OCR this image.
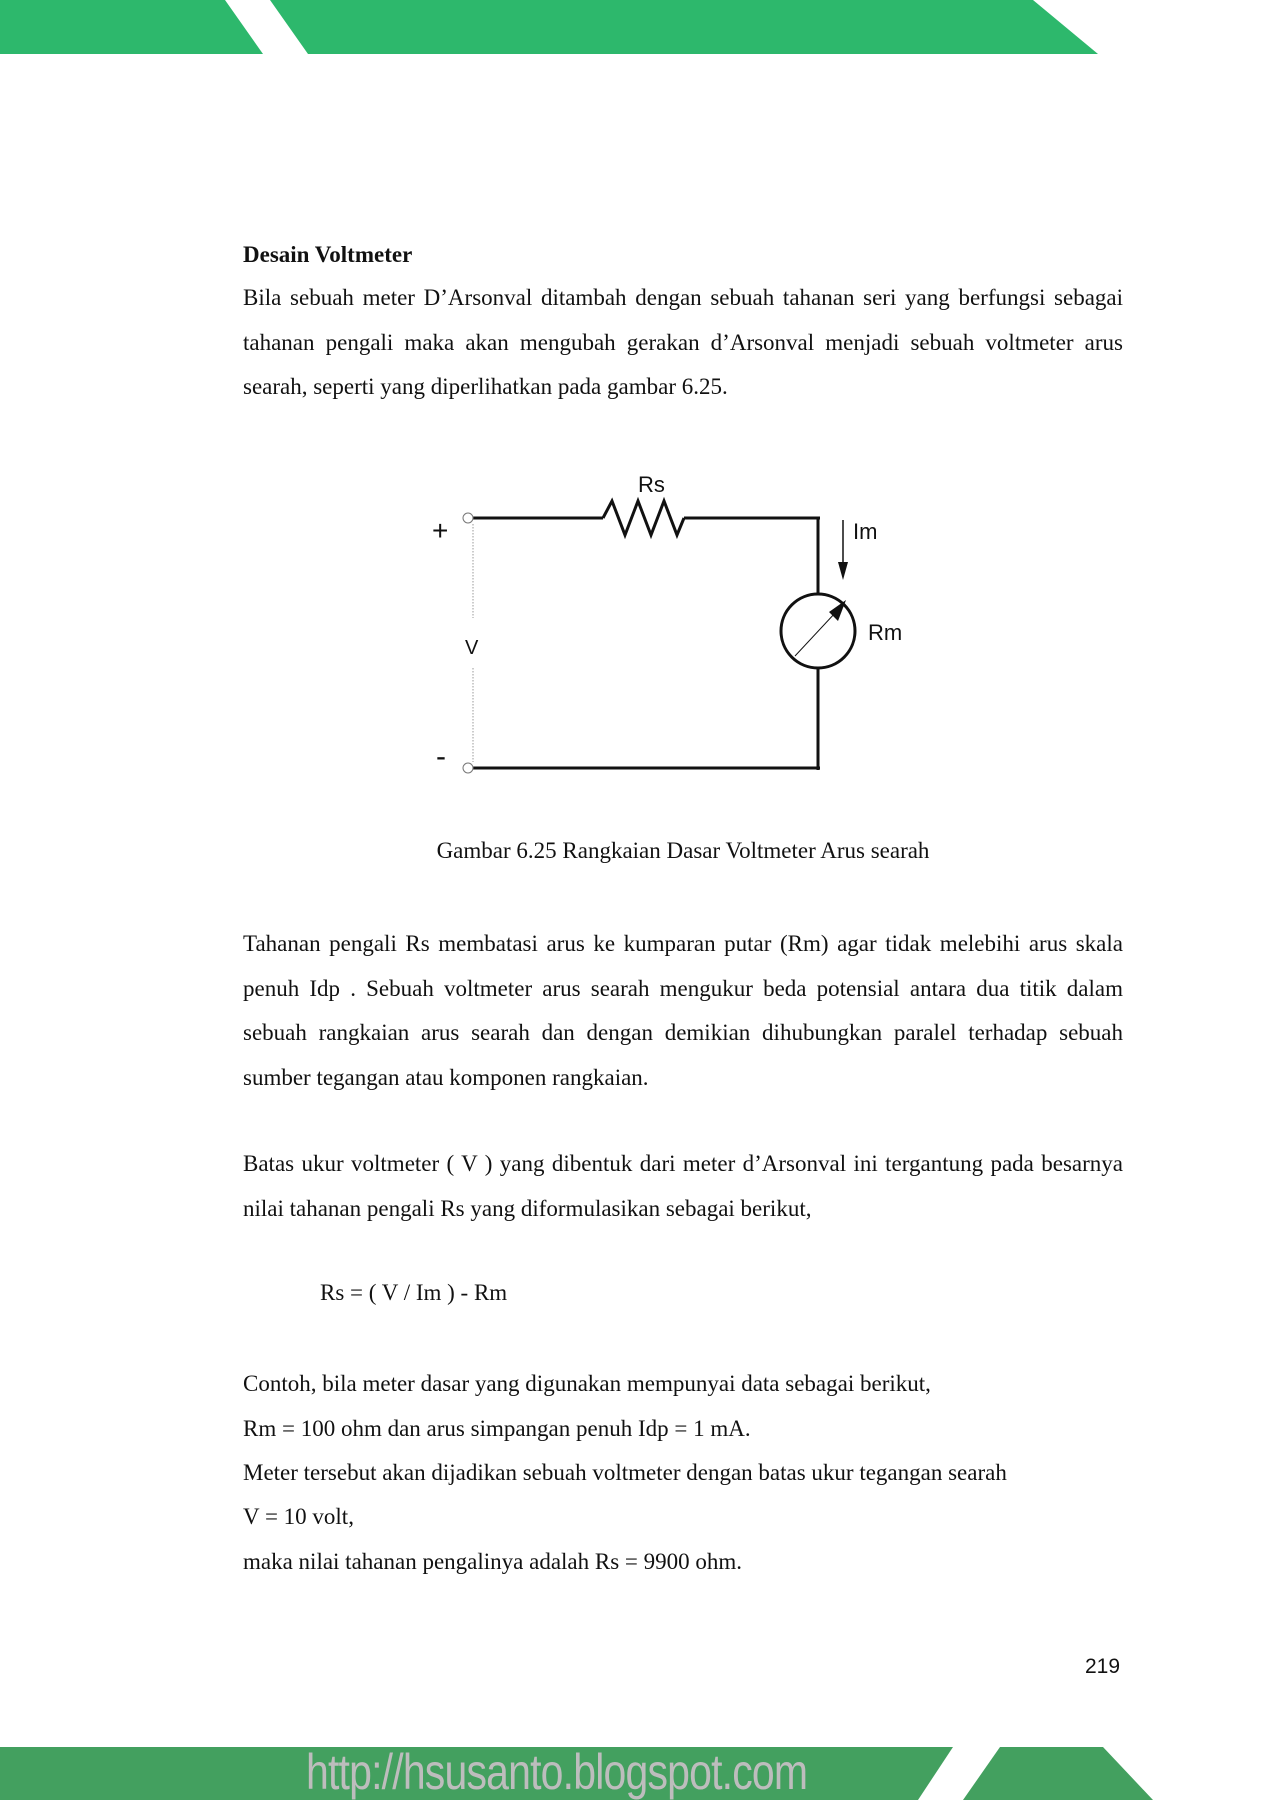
Desain Voltmeter

Bila sebuah meter D’Arsonval ditambah dengan sebuah tahanan seri yang berfungsi sebagai tahanan pengali maka akan mengubah gerakan d’Arsonval menjadi sebuah voltmeter arus searah, seperti yang diperlihatkan pada gambar 6.25.

Rs
Im
Rm
V
+
-
Gambar 6.25 Rangkaian Dasar Voltmeter Arus searah

Tahanan pengali Rs membatasi arus ke kumparan putar (Rm) agar tidak melebihi arus skala penuh Idp . Sebuah voltmeter arus searah mengukur beda potensial antara dua titik dalam sebuah rangkaian arus searah dan dengan demikian dihubungkan paralel terhadap sebuah sumber tegangan atau komponen rangkaian.

Batas ukur voltmeter ( V ) yang dibentuk dari meter d’Arsonval ini tergantung pada besarnya nilai tahanan pengali Rs yang diformulasikan sebagai berikut,

Rs = ( V / Im ) - Rm
Contoh, bila meter dasar yang digunakan mempunyai data sebagai berikut,
Rm = 100 ohm dan arus simpangan penuh Idp = 1 mA.
Meter tersebut akan dijadikan sebuah voltmeter dengan batas ukur tegangan searah
V = 10 volt,
maka nilai tahanan pengalinya adalah Rs = 9900 ohm.
219
http://hsusanto.blogspot.com
